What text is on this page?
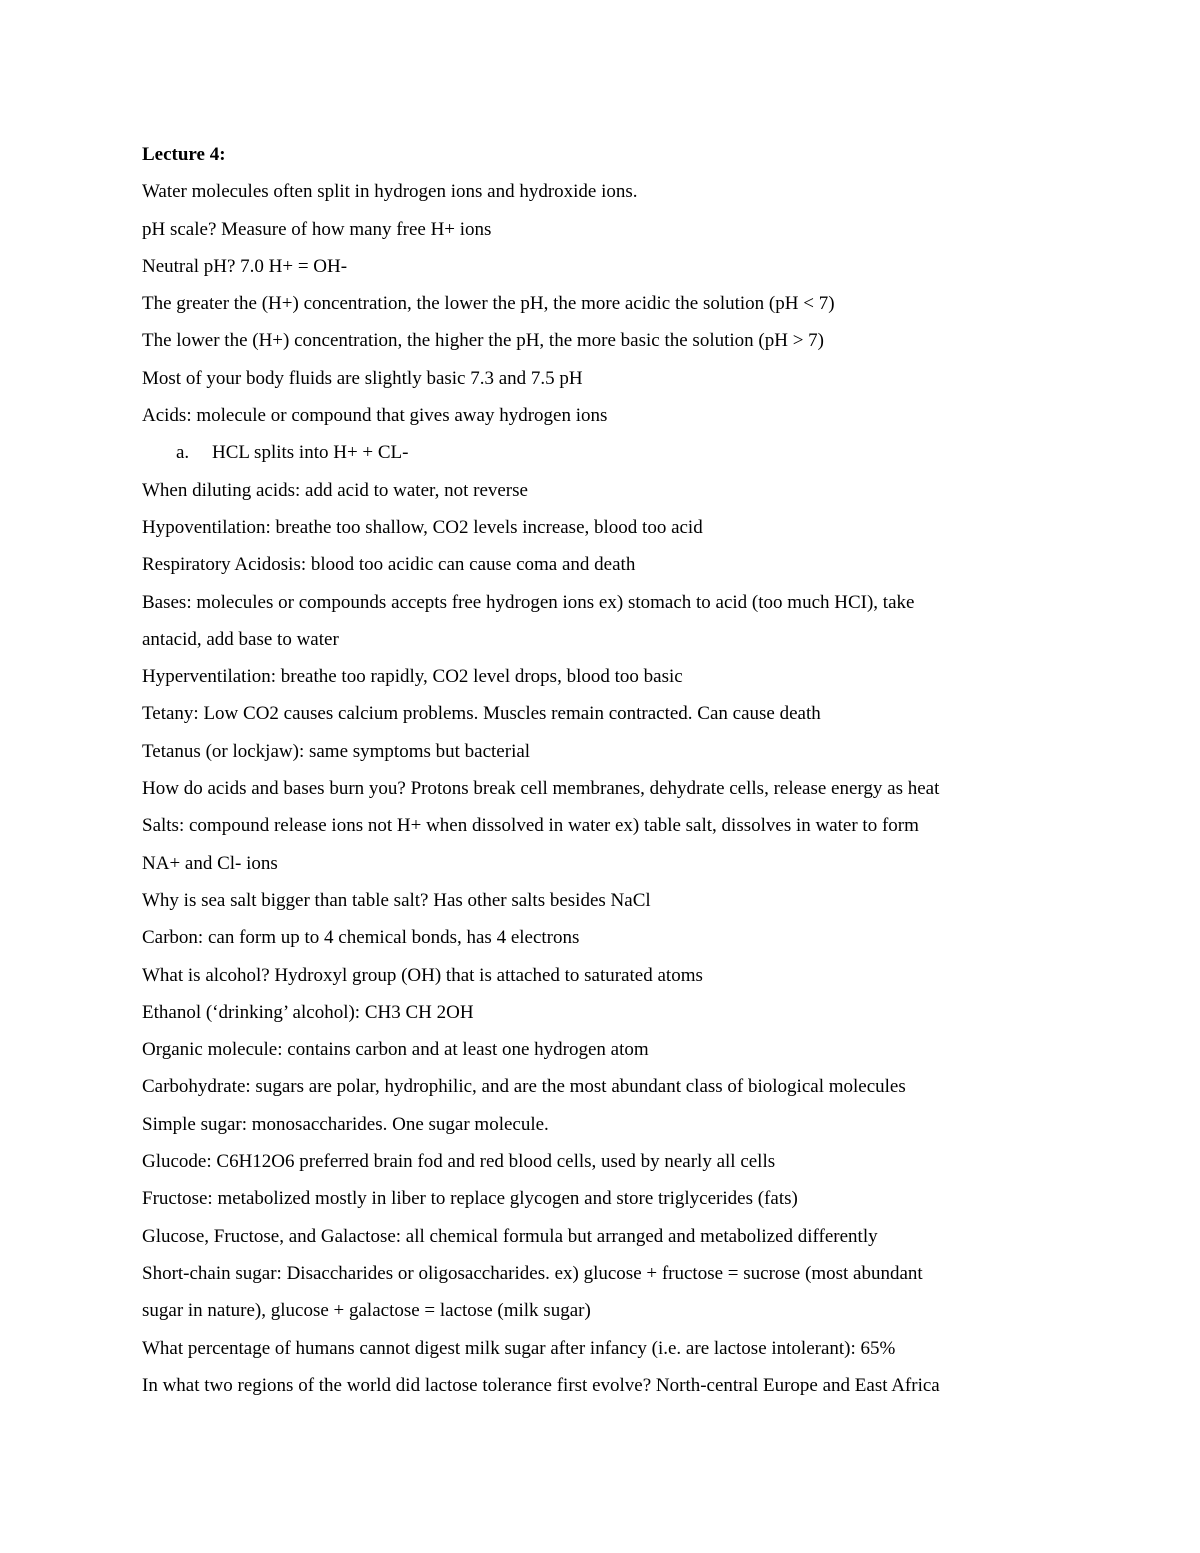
Lecture 4:
Water molecules often split in hydrogen ions and hydroxide ions.
pH scale? Measure of how many free H+ ions
Neutral pH? 7.0 H+ = OH-
The greater the (H+) concentration, the lower the pH, the more acidic the solution (pH < 7)
The lower the (H+) concentration, the higher the pH, the more basic the solution (pH > 7)
Most of your body fluids are slightly basic 7.3 and 7.5 pH
Acids: molecule or compound that gives away hydrogen ions
a. HCL splits into H+ + CL-
When diluting acids: add acid to water, not reverse
Hypoventilation: breathe too shallow, CO2 levels increase, blood too acid
Respiratory Acidosis: blood too acidic can cause coma and death
Bases: molecules or compounds accepts free hydrogen ions ex) stomach to acid (too much HCI), take
antacid, add base to water
Hyperventilation: breathe too rapidly, CO2 level drops, blood too basic
Tetany: Low CO2 causes calcium problems. Muscles remain contracted. Can cause death
Tetanus (or lockjaw): same symptoms but bacterial
How do acids and bases burn you? Protons break cell membranes, dehydrate cells, release energy as heat
Salts: compound release ions not H+ when dissolved in water ex) table salt, dissolves in water to form
NA+ and Cl- ions
Why is sea salt bigger than table salt? Has other salts besides NaCl
Carbon: can form up to 4 chemical bonds, has 4 electrons
What is alcohol? Hydroxyl group (OH) that is attached to saturated atoms
Ethanol (‘drinking’ alcohol): CH3 CH 2OH
Organic molecule: contains carbon and at least one hydrogen atom
Carbohydrate: sugars are polar, hydrophilic, and are the most abundant class of biological molecules
Simple sugar: monosaccharides. One sugar molecule.
Glucode: C6H12O6 preferred brain fod and red blood cells, used by nearly all cells
Fructose: metabolized mostly in liber to replace glycogen and store triglycerides (fats)
Glucose, Fructose, and Galactose: all chemical formula but arranged and metabolized differently
Short-chain sugar: Disaccharides or oligosaccharides. ex) glucose + fructose = sucrose (most abundant
sugar in nature), glucose + galactose = lactose (milk sugar)
What percentage of humans cannot digest milk sugar after infancy (i.e. are lactose intolerant): 65%
In what two regions of the world did lactose tolerance first evolve? North-central Europe and East Africa
